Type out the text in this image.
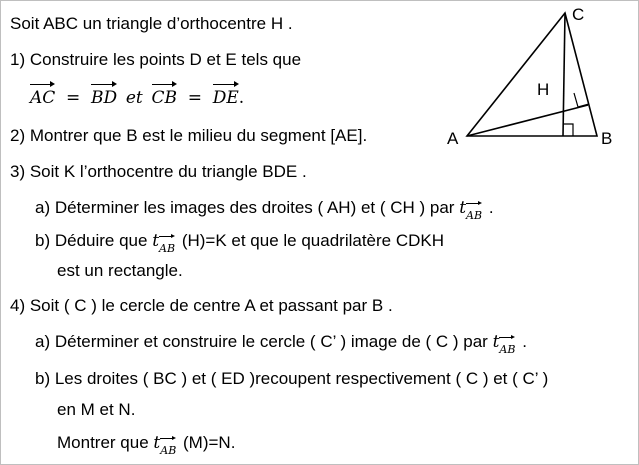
C
H
A	B
Soit ABC un triangle d’orthocentre H .
1) Construire les points D et E tels que
AC = BD et CB = DE.
2) Montrer que B est le milieu du segment [AE].
3) Soit K l’orthocentre du triangle BDE .
a) Déterminer les images des droites ( AH) et ( CH ) par $t_{AB}$ .
b) Déduire que $t_{AB}$ (H)=K et que le quadrilatère CDKH
est un rectangle.
4) Soit ( C ) le cercle de centre A et passant par B .
a) Déterminer et construire le cercle ( C’ ) image de ( C ) par $t_{AB}$ .
b) Les droites ( BC ) et ( ED )recoupent respectivement ( C ) et ( C’ )
en M et N.
Montrer que $t_{AB}$ (M)=N.
